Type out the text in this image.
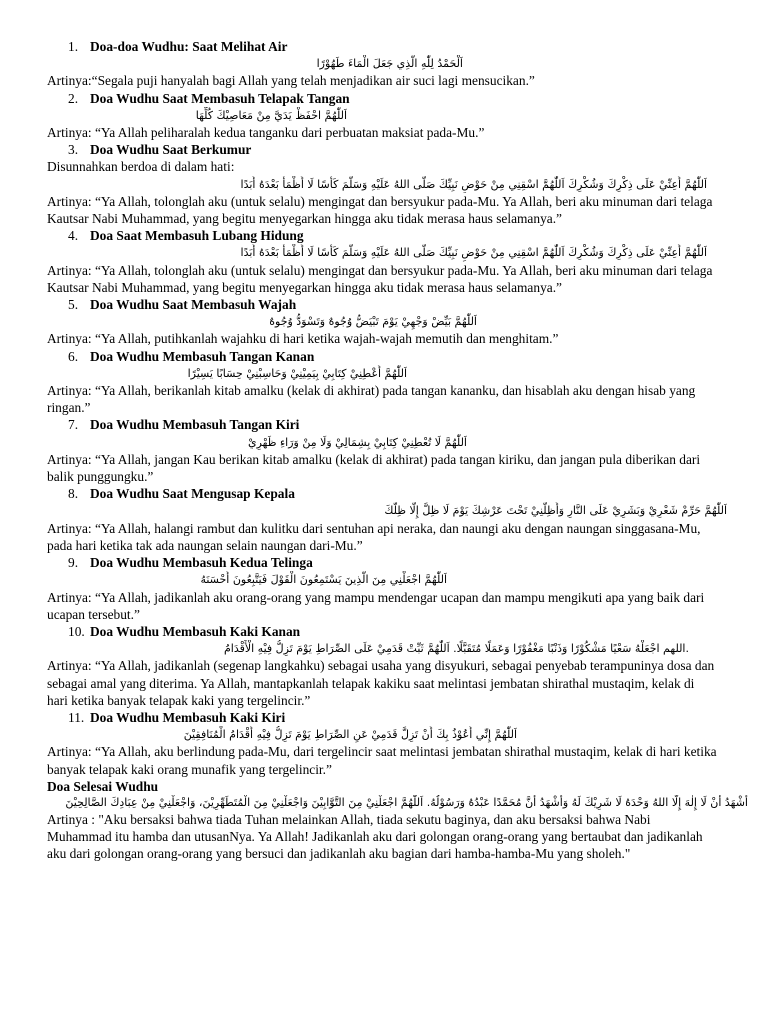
1. Doa-doa Wudhu: Saat Melihat Air
اَلْحَمْدُ لِلّٰهِ الَّذِي جَعَلَ الْمَاءَ طَهُوْرًا
Artinya:“Segala puji hanyalah bagi Allah yang telah menjadikan air suci lagi mensucikan.”
2. Doa Wudhu Saat Membasuh Telapak Tangan
اَللّٰهُمَّ احْفَظْ يَدَيَّ مِنْ مَعَاصِيْكَ كُلِّهَا
Artinya: “Ya Allah peliharalah kedua tanganku dari perbuatan maksiat pada-Mu.”
3. Doa Wudhu Saat Berkumur
Disunnahkan berdoa di dalam hati:
اَللّٰهُمَّ أَعِنِّيْ عَلَى ذِكْرِكَ وَشُكْرِكَ اَللّٰهُمَّ اسْقِنِي مِنْ حَوْضِ نَبِيِّكَ صَلَّى اللهُ عَلَيْهِ وَسَلَّمَ كَأْسًا لَا أَظْمَأُ بَعْدَهُ أَبَدًا
Artinya: “Ya Allah, tolonglah aku (untuk selalu) mengingat dan bersyukur pada-Mu. Ya Allah, beri aku minuman dari telaga Kautsar Nabi Muhammad, yang begitu menyegarkan hingga aku tidak merasa haus selamanya.”
4. Doa Saat Membasuh Lubang Hidung
اَللّٰهُمَّ أَعِنِّيْ عَلَى ذِكْرِكَ وَشُكْرِكَ اَللّٰهُمَّ اسْقِنِي مِنْ حَوْضِ نَبِيِّكَ صَلَّى اللهُ عَلَيْهِ وَسَلَّمَ كَأْسًا لَا أَظْمَأُ بَعْدَهُ أَبَدًا
Artinya: “Ya Allah, tolonglah aku (untuk selalu) mengingat dan bersyukur pada-Mu. Ya Allah, beri aku minuman dari telaga Kautsar Nabi Muhammad, yang begitu menyegarkan hingga aku tidak merasa haus selamanya.”
5. Doa Wudhu Saat Membasuh Wajah
اَللّٰهُمَّ بَيِّضْ وَجْهِيْ يَوْمَ تَبْيَضُّ وُجُوهٌ وَتَسْوَدُّ وُجُوهٌ
Artinya: “Ya Allah, putihkanlah wajahku di hari ketika wajah-wajah memutih dan menghitam.”
6. Doa Wudhu Membasuh Tangan Kanan
اَللّٰهُمَّ أَعْطِنِيْ كِتَابِيْ بِيَمِيْنِيْ وَحَاسِبْنِيْ حِسَابًا يَسِيْرًا
Artinya: “Ya Allah, berikanlah kitab amalku (kelak di akhirat) pada tangan kananku, dan hisablah aku dengan hisab yang ringan.”
7. Doa Wudhu Membasuh Tangan Kiri
اَللّٰهُمَّ لَا تُعْطِنِيْ كِتَابِيْ بِشِمَالِيْ وَلَا مِنْ وَرَاءِ ظَهْرِيْ
Artinya: “Ya Allah, jangan Kau berikan kitab amalku (kelak di akhirat) pada tangan kiriku, dan jangan pula diberikan dari balik punggungku.”
8. Doa Wudhu Saat Mengusap Kepala
اَللّٰهُمَّ حَرِّمْ شَعْرِيْ وَبَشَرِيْ عَلَى النَّارِ وَأَظِلَّنِيْ تَحْتَ عَرْشِكَ يَوْمَ لَا ظِلَّ إِلَّا ظِلُّكَ
Artinya: “Ya Allah, halangi rambut dan kulitku dari sentuhan api neraka, dan naungi aku dengan naungan singgasana-Mu, pada hari ketika tak ada naungan selain naungan dari-Mu.”
9. Doa Wudhu Membasuh Kedua Telinga
اَللّٰهُمَّ اجْعَلْنِي مِنَ الَّذِينَ يَسْتَمِعُونَ الْقَوْلَ فَيَتَّبِعُونَ أَحْسَنَهُ
Artinya: “Ya Allah, jadikanlah aku orang-orang yang mampu mendengar ucapan dan mampu mengikuti apa yang baik dari ucapan tersebut.”
10. Doa Wudhu Membasuh Kaki Kanan
.اللهم اجْعَلْهُ سَعْيًا مَشْكُوْرًا وَذَنْبًا مَغْفُوْرًا وَعَمَلًا مُتَقَبَّلًا. اَللّٰهُمَّ ثَبِّتْ قَدَمِيْ عَلَى الصِّرَاطِ يَوْمَ تَزِلُّ فِيْهِ الْأَقْدَامُ
Artinya: “Ya Allah, jadikanlah (segenap langkahku) sebagai usaha yang disyukuri, sebagai penyebab terampuninya dosa dan sebagai amal yang diterima. Ya Allah, mantapkanlah telapak kakiku saat melintasi jembatan shirathal mustaqim, kelak di hari ketika banyak telapak kaki yang tergelincir.”
11. Doa Wudhu Membasuh Kaki Kiri
اَللّٰهُمَّ إِنِّي أَعُوْذُ بِكَ أَنْ تَزِلَّ قَدَمِيْ عَنِ الصِّرَاطِ يَوْمَ تَزِلُّ فِيْهِ أَقْدَامُ الْمُنَافِقِيْنَ
Artinya: “Ya Allah, aku berlindung pada-Mu, dari tergelincir saat melintasi jembatan shirathal mustaqim, kelak di hari ketika banyak telapak kaki orang munafik yang tergelincir.”
Doa Selesai Wudhu
أَشْهَدُ أَنْ لَا إِلٰهَ إِلَّا اللهُ وَحْدَهُ لَا شَرِيْكَ لَهُ وَأَشْهَدُ أَنَّ مُحَمَّدًا عَبْدُهُ وَرَسُوْلُهُ. اَللّٰهُمَّ اجْعَلْنِيْ مِنَ التَّوَّابِيْنَ وَاجْعَلْنِيْ مِنَ الْمُتَطَهِّرِيْنَ، وَاجْعَلْنِيْ مِنْ عِبَادِكَ الصَّالِحِيْنَ
Artinya : "Aku bersaksi bahwa tiada Tuhan melainkan Allah, tiada sekutu baginya, dan aku bersaksi bahwa Nabi Muhammad itu hamba dan utusanNya. Ya Allah! Jadikanlah aku dari golongan orang-orang yang bertaubat dan jadikanlah aku dari golongan orang-orang yang bersuci dan jadikanlah aku bagian dari hamba-hamba-Mu yang sholeh."
